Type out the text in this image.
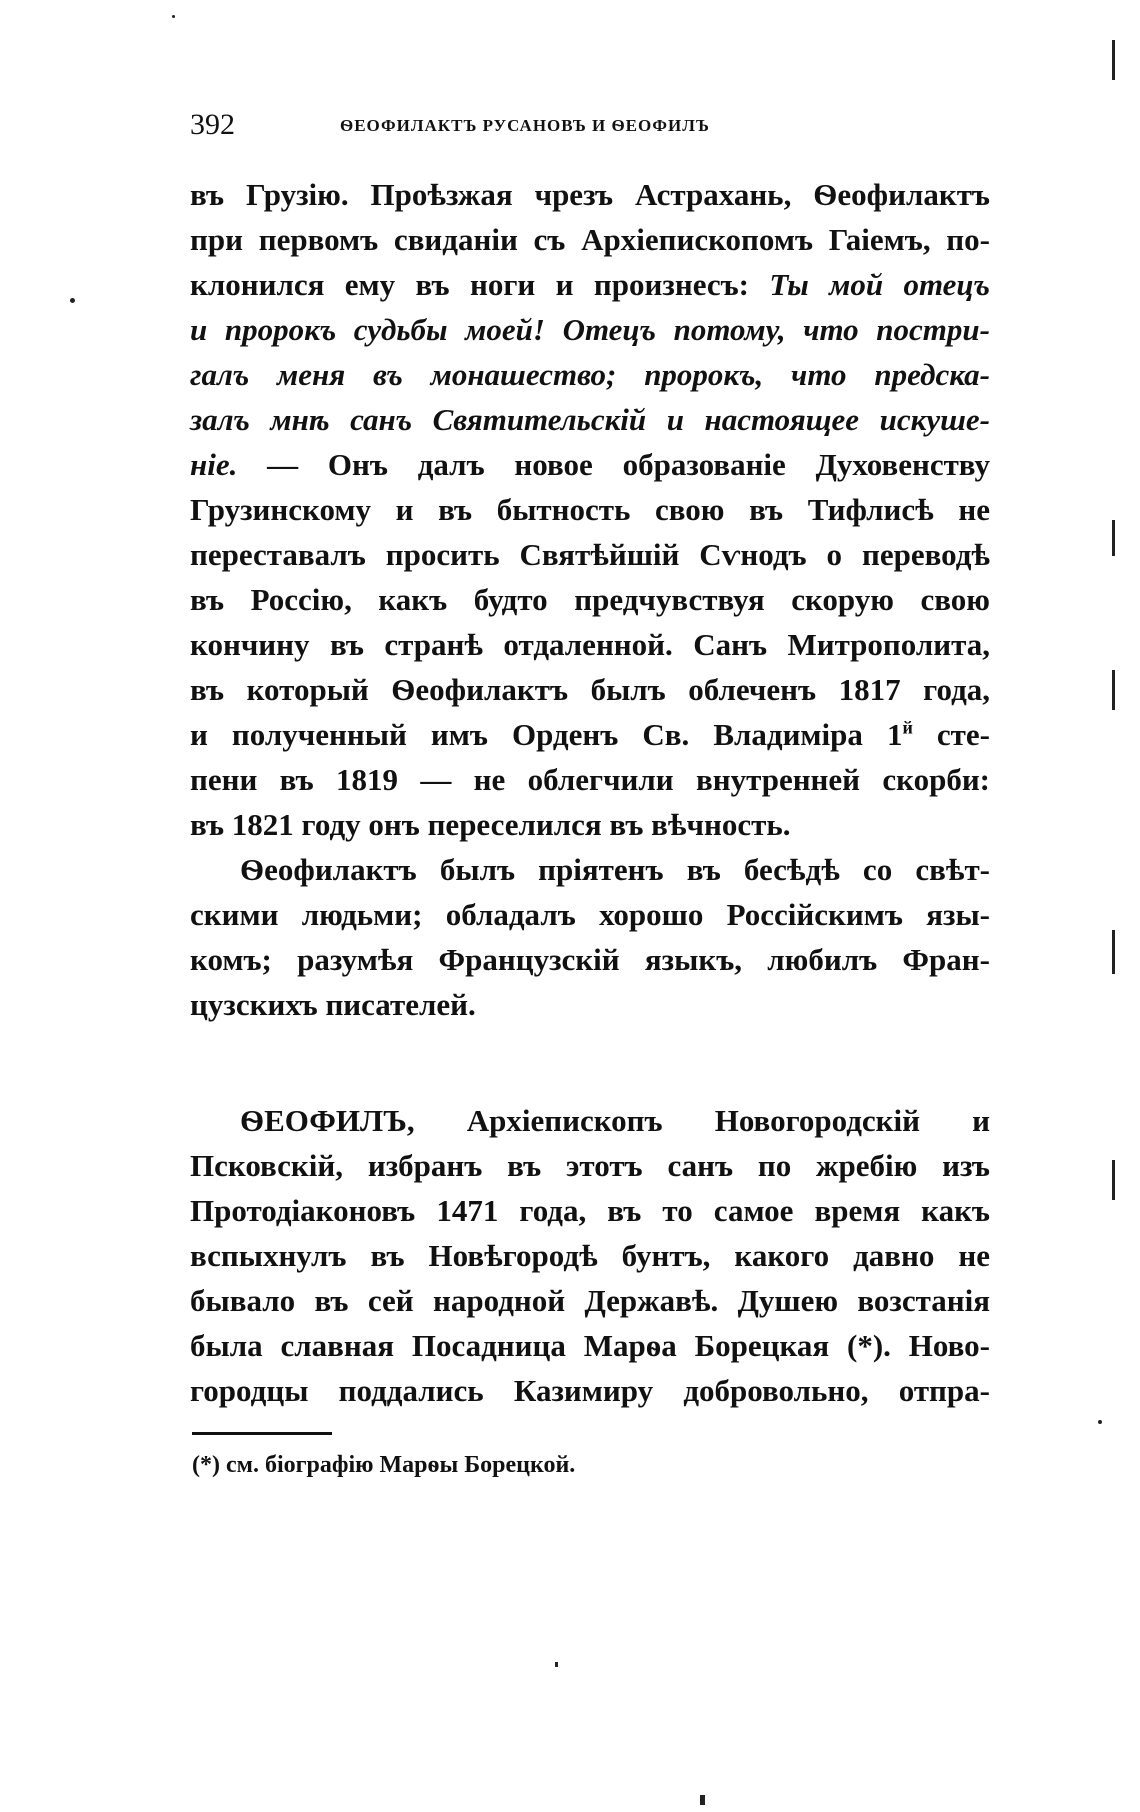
392	ѲЕОФИЛАКТЪ РУСАНОВЪ И ѲЕОФИЛЪ
въ Грузію. Проѣзжая чрезъ Астрахань, Ѳеофилактъ
при первомъ свиданіи съ Архіепископомъ Гаіемъ, по-
клонился ему въ ноги и произнесъ: Ты мой отецъ
и пророкъ судьбы моей! Отецъ потому, что постри-
галъ меня въ монашество; пророкъ, что предска-
залъ мнѣ санъ Святительскій и настоящее искуше-
ніе. — Онъ далъ новое образованіе Духовенству
Грузинскому и въ бытность свою въ Тифлисѣ не
переставалъ просить Святѣйшій Сѵнодъ о переводѣ
въ Россію, какъ будто предчувствуя скорую свою
кончину въ странѣ отдаленной. Санъ Митрополита,
въ который Ѳеофилактъ былъ облеченъ 1817 года,
и полученный имъ Орденъ Св. Владиміра $1^й$ сте-
пени въ 1819 — не облегчили внутренней скорби:
въ 1821 году онъ переселился въ вѣчность.
Ѳеофилактъ былъ пріятенъ въ бесѣдѣ со свѣт-
скими людьми; обладалъ хорошо Россійскимъ язы-
комъ; разумѣя Французскій языкъ, любилъ Фран-
цузскихъ писателей.
ѲЕОФИЛЪ, Архіепископъ Новогородскій и
Псковскій, избранъ въ этотъ санъ по жребію изъ
Протодіаконовъ 1471 года, въ то самое время какъ
вспыхнулъ въ Новѣгородѣ бунтъ, какого давно не
бывало въ сей народной Державѣ. Душею возстанія
была славная Посадница Марѳа Борецкая (*). Ново-
городцы поддались Казимиру добровольно, отпра-
(*) см. біографію Марѳы Борецкой.
